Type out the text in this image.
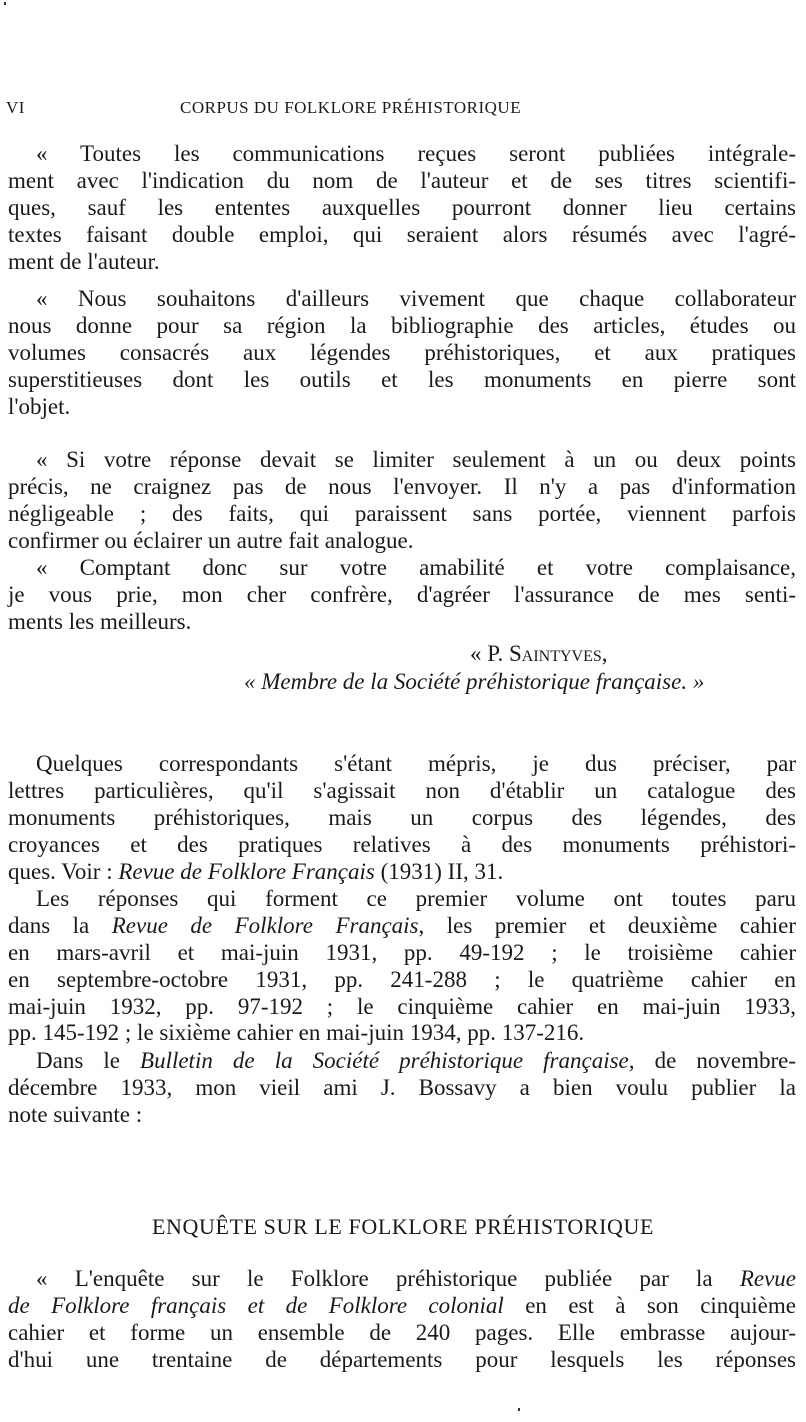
VI	CORPUS DU FOLKLORE PRÉHISTORIQUE
« Toutes les communications reçues seront publiées intégrale-
ment avec l'indication du nom de l'auteur et de ses titres scientifi-
ques, sauf les ententes auxquelles pourront donner lieu certains
textes faisant double emploi, qui seraient alors résumés avec l'agré-
ment de l'auteur.
« Nous souhaitons d'ailleurs vivement que chaque collaborateur
nous donne pour sa région la bibliographie des articles, études ou
volumes consacrés aux légendes préhistoriques, et aux pratiques
superstitieuses dont les outils et les monuments en pierre sont
l'objet.
« Si votre réponse devait se limiter seulement à un ou deux points
précis, ne craignez pas de nous l'envoyer. Il n'y a pas d'information
négligeable ; des faits, qui paraissent sans portée, viennent parfois
confirmer ou éclairer un autre fait analogue.
« Comptant donc sur votre amabilité et votre complaisance,
je vous prie, mon cher confrère, d'agréer l'assurance de mes senti-
ments les meilleurs.
« P. Saintyves,
« Membre de la Société préhistorique française. »
Quelques correspondants s'étant mépris, je dus préciser, par
lettres particulières, qu'il s'agissait non d'établir un catalogue des
monuments préhistoriques, mais un corpus des légendes, des
croyances et des pratiques relatives à des monuments préhistori-
ques. Voir : Revue de Folklore Français (1931) II, 31.
Les réponses qui forment ce premier volume ont toutes paru
dans la Revue de Folklore Français, les premier et deuxième cahier
en mars-avril et mai-juin 1931, pp. 49-192 ; le troisième cahier
en septembre-octobre 1931, pp. 241-288 ; le quatrième cahier en
mai-juin 1932, pp. 97-192 ; le cinquième cahier en mai-juin 1933,
pp. 145-192 ; le sixième cahier en mai-juin 1934, pp. 137-216.
Dans le Bulletin de la Société préhistorique française, de novembre-
décembre 1933, mon vieil ami J. Bossavy a bien voulu publier la
note suivante :
ENQUÊTE SUR LE FOLKLORE PRÉHISTORIQUE
« L'enquête sur le Folklore préhistorique publiée par la Revue
de Folklore français et de Folklore colonial en est à son cinquième
cahier et forme un ensemble de 240 pages. Elle embrasse aujour-
d'hui une trentaine de départements pour lesquels les réponses
